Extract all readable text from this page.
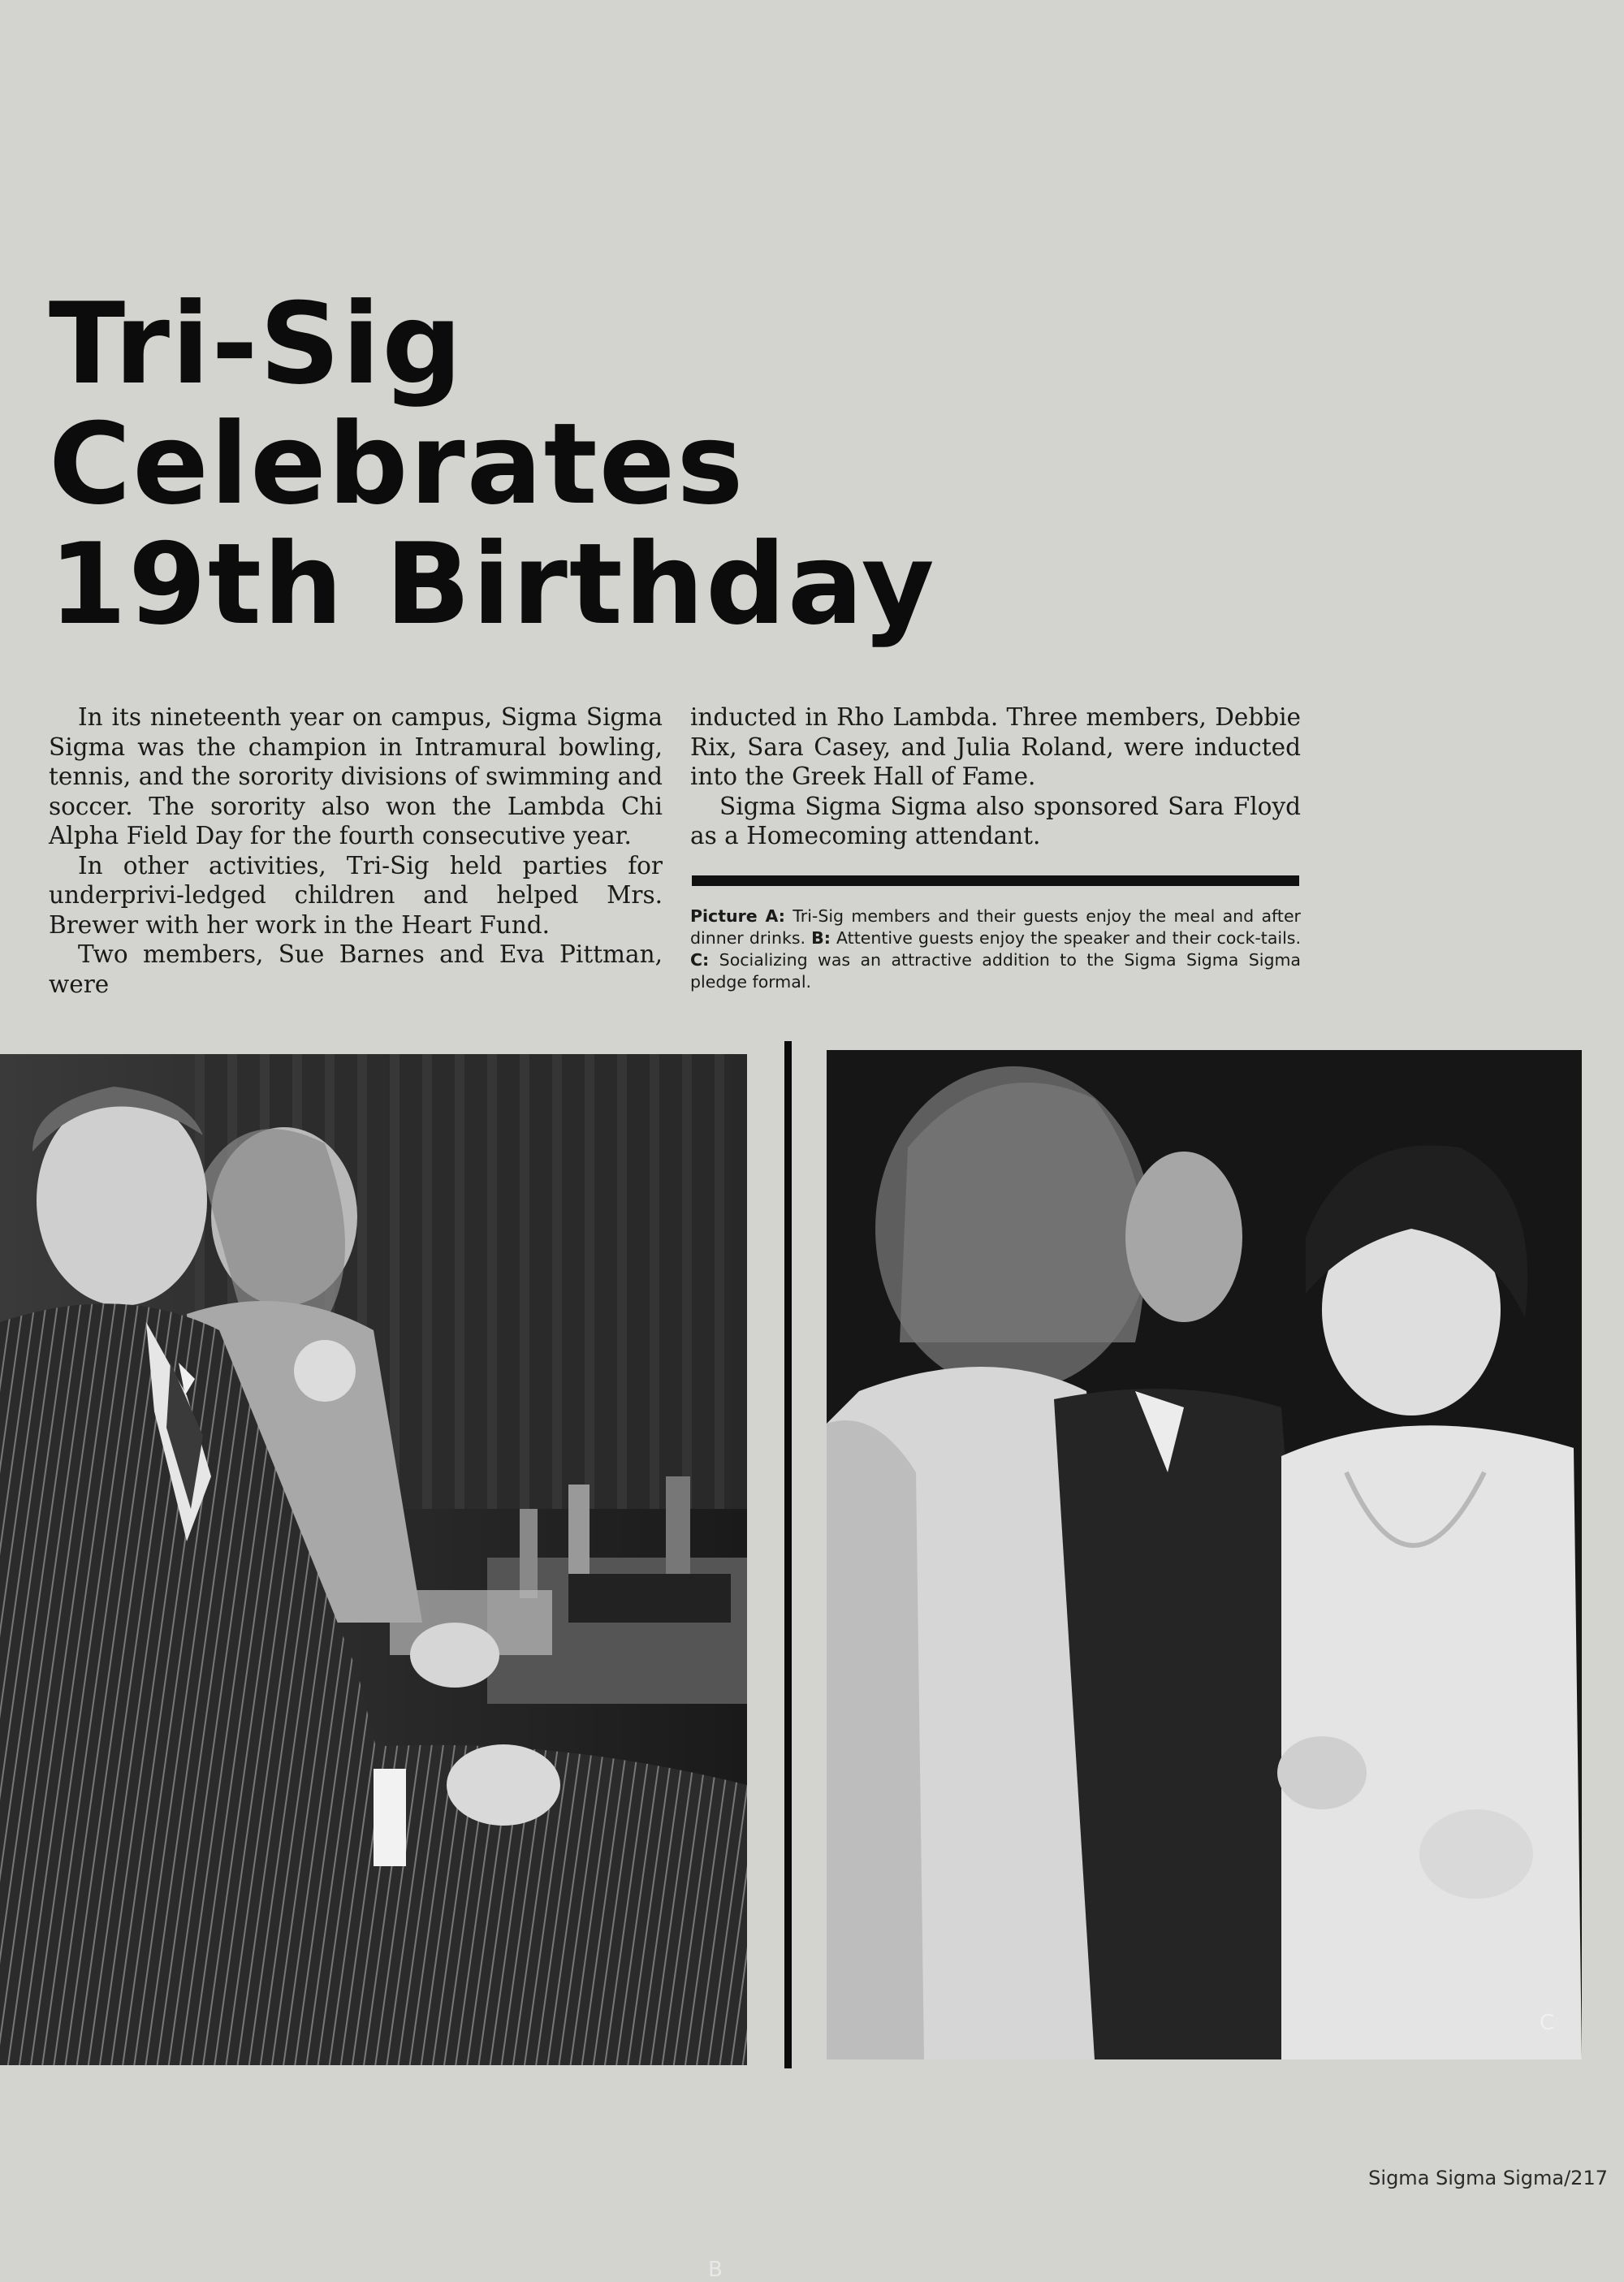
Tri-Sig
Celebrates
19th Birthday

In its nineteenth year on campus, Sigma Sigma Sigma was the champion in Intramural bowling, tennis, and the sorority divisions of swimming and soccer. The sorority also won the Lambda Chi Alpha Field Day for the fourth consecutive year.

In other activities, Tri-Sig held parties for underprivi-ledged children and helped Mrs. Brewer with her work in the Heart Fund.

Two members, Sue Barnes and Eva Pittman, were

inducted in Rho Lambda. Three members, Debbie Rix, Sara Casey, and Julia Roland, were inducted into the Greek Hall of Fame.

Sigma Sigma Sigma also sponsored Sara Floyd as a Homecoming attendant.

Picture A: Tri-Sig members and their guests enjoy the meal and after dinner drinks. B: Attentive guests enjoy the speaker and their cock-tails. C: Socializing was an attractive addition to the Sigma Sigma Sigma pledge formal.
B
C
Sigma Sigma Sigma/217
